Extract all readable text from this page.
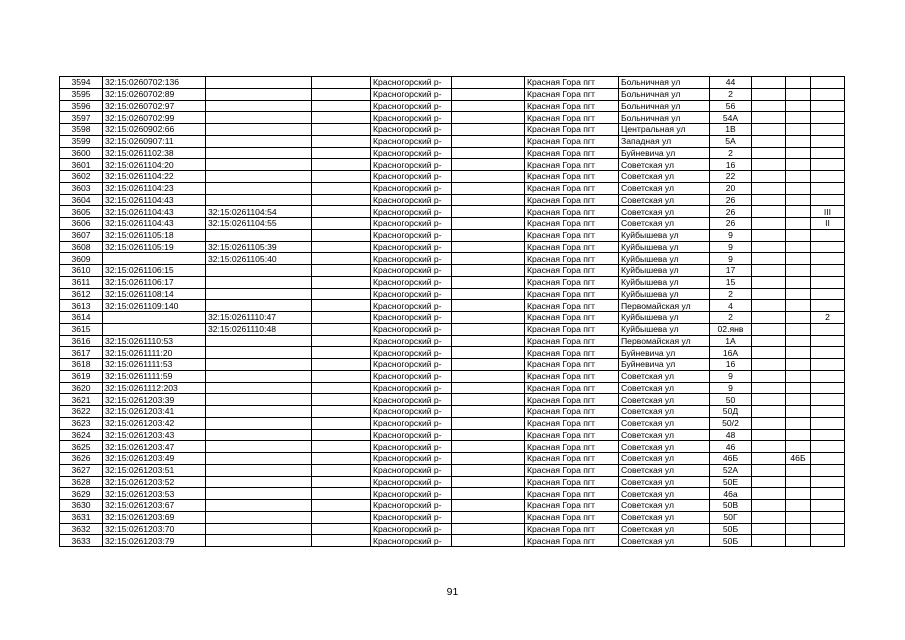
3594	32:15:0260702:136			Красногорский р-		Красная Гора пгт	Больничная ул	44			
3595	32:15:0260702:89			Красногорский р-		Красная Гора пгт	Больничная ул	2			
3596	32:15:0260702:97			Красногорский р-		Красная Гора пгт	Больничная ул	56			
3597	32:15:0260702:99			Красногорский р-		Красная Гора пгт	Больничная ул	54А			
3598	32:15:0260902:66			Красногорский р-		Красная Гора пгт	Центральная ул	1В			
3599	32:15:0260907:11			Красногорский р-		Красная Гора пгт	Западная ул	5А			
3600	32:15:0261102:38			Красногорский р-		Красная Гора пгт	Буйневича ул	2			
3601	32:15:0261104:20			Красногорский р-		Красная Гора пгт	Советская ул	16			
3602	32:15:0261104:22			Красногорский р-		Красная Гора пгт	Советская ул	22			
3603	32:15:0261104:23			Красногорский р-		Красная Гора пгт	Советская ул	20			
3604	32:15:0261104:43			Красногорский р-		Красная Гора пгт	Советская ул	26			
3605	32:15:0261104:43	32:15:0261104:54		Красногорский р-		Красная Гора пгт	Советская ул	26			III
3606	32:15:0261104:43	32:15:0261104:55		Красногорский р-		Красная Гора пгт	Советская ул	26			II
3607	32:15:0261105:18			Красногорский р-		Красная Гора пгт	Куйбышева ул	9			
3608	32:15:0261105:19	32:15:0261105:39		Красногорский р-		Красная Гора пгт	Куйбышева ул	9			
3609		32:15:0261105:40		Красногорский р-		Красная Гора пгт	Куйбышева ул	9			
3610	32:15:0261106:15			Красногорский р-		Красная Гора пгт	Куйбышева ул	17			
3611	32:15:0261106:17			Красногорский р-		Красная Гора пгт	Куйбышева ул	15			
3612	32:15:0261108:14			Красногорский р-		Красная Гора пгт	Куйбышева ул	2			
3613	32:15:0261109:140			Красногорский р-		Красная Гора пгт	Первомайская ул	4			
3614		32:15:0261110:47		Красногорский р-		Красная Гора пгт	Куйбышева ул	2			2
3615		32:15:0261110:48		Красногорский р-		Красная Гора пгт	Куйбышева ул	02.янв			
3616	32:15:0261110:53			Красногорский р-		Красная Гора пгт	Первомайская ул	1А			
3617	32:15:0261111:20			Красногорский р-		Красная Гора пгт	Буйневича ул	16А			
3618	32:15:0261111:53			Красногорский р-		Красная Гора пгт	Буйневича ул	16			
3619	32:15:0261111:59			Красногорский р-		Красная Гора пгт	Советская ул	9			
3620	32:15:0261112:203			Красногорский р-		Красная Гора пгт	Советская ул	9			
3621	32:15:0261203:39			Красногорский р-		Красная Гора пгт	Советская ул	50			
3622	32:15:0261203:41			Красногорский р-		Красная Гора пгт	Советская ул	50Д			
3623	32:15:0261203:42			Красногорский р-		Красная Гора пгт	Советская ул	50/2			
3624	32:15:0261203:43			Красногорский р-		Красная Гора пгт	Советская ул	48			
3625	32:15:0261203:47			Красногорский р-		Красная Гора пгт	Советская ул	46			
3626	32:15:0261203:49			Красногорский р-		Красная Гора пгт	Советская ул	46Б		46Б	
3627	32:15:0261203:51			Красногорский р-		Красная Гора пгт	Советская ул	52А			
3628	32:15:0261203:52			Красногорский р-		Красная Гора пгт	Советская ул	50Е			
3629	32:15:0261203:53			Красногорский р-		Красная Гора пгт	Советская ул	46а			
3630	32:15:0261203:67			Красногорский р-		Красная Гора пгт	Советская ул	50В			
3631	32:15:0261203:69			Красногорский р-		Красная Гора пгт	Советская ул	50Г			
3632	32:15:0261203:70			Красногорский р-		Красная Гора пгт	Советская ул	50Б			
3633	32:15:0261203:79			Красногорский р-		Красная Гора пгт	Советская ул	50Б			
91
